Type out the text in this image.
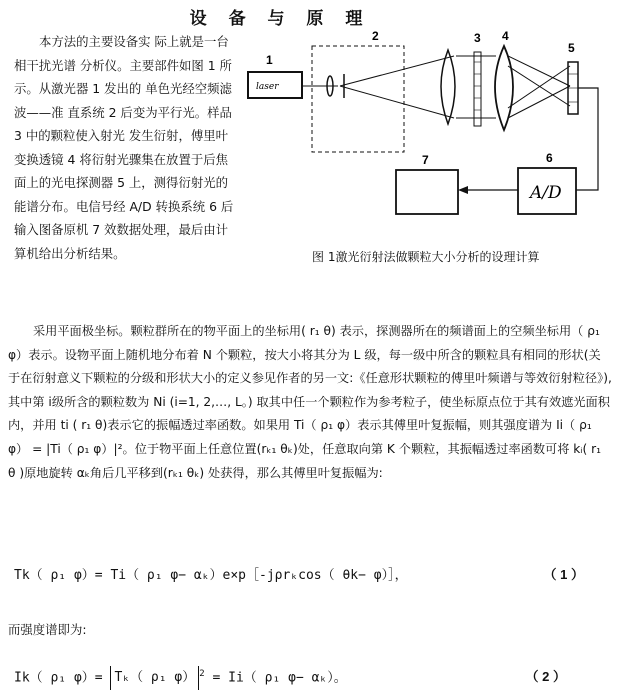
设 备 与 原 理

本方法的主要设备实 际上就是一台相干扰光谱 分析仪。主要部件如图 1 所示。从激光器 1 发出的 单色光经空频滤波——准 直系统 2 后变为平行光。样品 3 中的颗粒使入射光 发生衍射，傅里叶变换透镜 4 将衍射光骤集在放置于后焦面上的光电探测器 5 上，测得衍射光的能谱分布。电信号经 A/D 转换系统 6 后输入图备原机 7 效数据处理，最后由计算机给出分析结果。

laser
1
2	3 4
5
A/D
6
7
图 1激光衍射法做颗粒大小分析的设理计算

采用平面极坐标。颗粒群所在的物平面上的坐标用( r₁ θ) 表示，探测器所在的频谱面上的空频坐标用（ ρ₁ φ）表示。设物平面上随机地分布着 N 个颗粒，按大小将其分为 L 级，每一级中所含的颗粒具有相同的形状(关于在衍射意义下颗粒的分级和形状大小的定义参见作者的另一文:《任意形状颗粒的傅里叶频谱与等效衍射粒径》),其中第 i级所含的颗粒数为 Ni (i=1, 2,…, L。) 取其中任一个颗粒作为参考粒子，使坐标原点位于其有效遮光面积内，并用 ti ( r₁ θ)表示它的振幅透过率函数。如果用 Ti（ ρ₁ φ）表示其傅里叶复振幅，则其强度谱为 Ii（ ρ₁ φ） = |Ti（ ρ₁ φ）|²。位于物平面上任意位置(rₖ₁ θₖ)处，任意取向第 K 个颗粒，其振幅透过率函数可将 kᵢ( r₁ θ )原地旋转 αₖ角后几平移到(rₖ₁ θₖ) 处获得，那么其傅里叶复振幅为:

Tk（ ρ₁ φ）= Ti（ ρ₁ φ− αₖ）e×p［-jρrₖcos（ θk− φ）］，	（ 1 ）
而强度谱即为:
Ik（ ρ₁ φ）= Tₖ（ ρ₁ φ） $^2$ = Ii（ ρ₁ φ− αₖ）。	（ 2 ）
